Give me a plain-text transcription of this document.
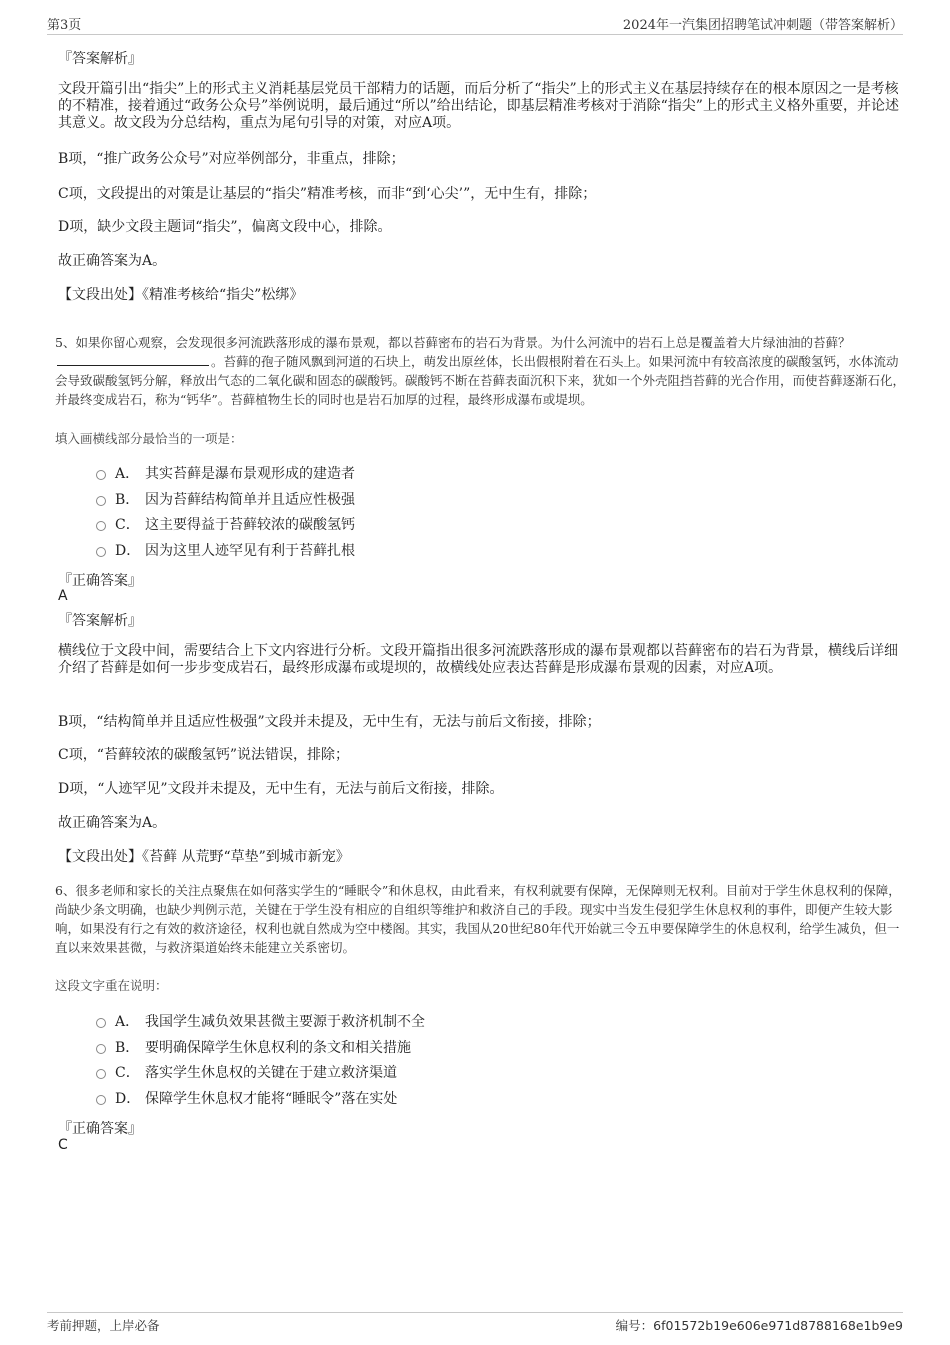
第3页	2024年一汽集团招聘笔试冲刺题（带答案解析）
『答案解析』
文段开篇引出“指尖”上的形式主义消耗基层党员干部精力的话题，而后分析了“指尖”上的形式主义在基层持续存在的根本原因之一是考核的不精准，接着通过“政务公众号”举例说明，最后通过“所以”给出结论，即基层精准考核对于消除“指尖”上的形式主义格外重要，并论述其意义。故文段为分总结构，重点为尾句引导的对策，对应A项。
B项，“推广政务公众号”对应举例部分，非重点，排除；
C项，文段提出的对策是让基层的“指尖”精准考核，而非“到‘心尖’”，无中生有，排除；
D项，缺少文段主题词“指尖”，偏离文段中心，排除。
故正确答案为A。
【文段出处】《精准考核给“指尖”松绑》
5、如果你留心观察，会发现很多河流跌落形成的瀑布景观，都以苔藓密布的岩石为背景。为什么河流中的岩石上总是覆盖着大片绿油油的苔藓？。苔藓的孢子随风飘到河道的石块上，萌发出原丝体，长出假根附着在石头上。如果河流中有较高浓度的碳酸氢钙，水体流动会导致碳酸氢钙分解，释放出气态的二氧化碳和固态的碳酸钙。碳酸钙不断在苔藓表面沉积下来，犹如一个外壳阻挡苔藓的光合作用，而使苔藓逐渐石化，并最终变成岩石，称为“钙华”。苔藓植物生长的同时也是岩石加厚的过程，最终形成瀑布或堤坝。
填入画横线部分最恰当的一项是：
A． 其实苔藓是瀑布景观形成的建造者
B． 因为苔藓结构简单并且适应性极强
C． 这主要得益于苔藓较浓的碳酸氢钙
D． 因为这里人迹罕见有利于苔藓扎根
『正确答案』
A
『答案解析』
横线位于文段中间，需要结合上下文内容进行分析。文段开篇指出很多河流跌落形成的瀑布景观都以苔藓密布的岩石为背景，横线后详细介绍了苔藓是如何一步步变成岩石，最终形成瀑布或堤坝的，故横线处应表达苔藓是形成瀑布景观的因素，对应A项。
B项，“结构简单并且适应性极强”文段并未提及，无中生有，无法与前后文衔接，排除；
C项，“苔藓较浓的碳酸氢钙”说法错误，排除；
D项，“人迹罕见”文段并未提及，无中生有，无法与前后文衔接，排除。
故正确答案为A。
【文段出处】《苔藓 从荒野“草垫”到城市新宠》
6、很多老师和家长的关注点聚焦在如何落实学生的“睡眠令”和休息权，由此看来，有权利就要有保障，无保障则无权利。目前对于学生休息权利的保障，尚缺少条文明确，也缺少判例示范，关键在于学生没有相应的自组织等维护和救济自己的手段。现实中当发生侵犯学生休息权利的事件，即便产生较大影响，如果没有行之有效的救济途径，权利也就自然成为空中楼阁。其实，我国从20世纪80年代开始就三令五申要保障学生的休息权利，给学生减负，但一直以来效果甚微，与救济渠道始终未能建立关系密切。
这段文字重在说明：
A． 我国学生减负效果甚微主要源于救济机制不全
B． 要明确保障学生休息权利的条文和相关措施
C． 落实学生休息权的关键在于建立救济渠道
D． 保障学生休息权才能将“睡眠令”落在实处
『正确答案』
C
考前押题，上岸必备	编号：6f01572b19e606e971d8788168e1b9e9
